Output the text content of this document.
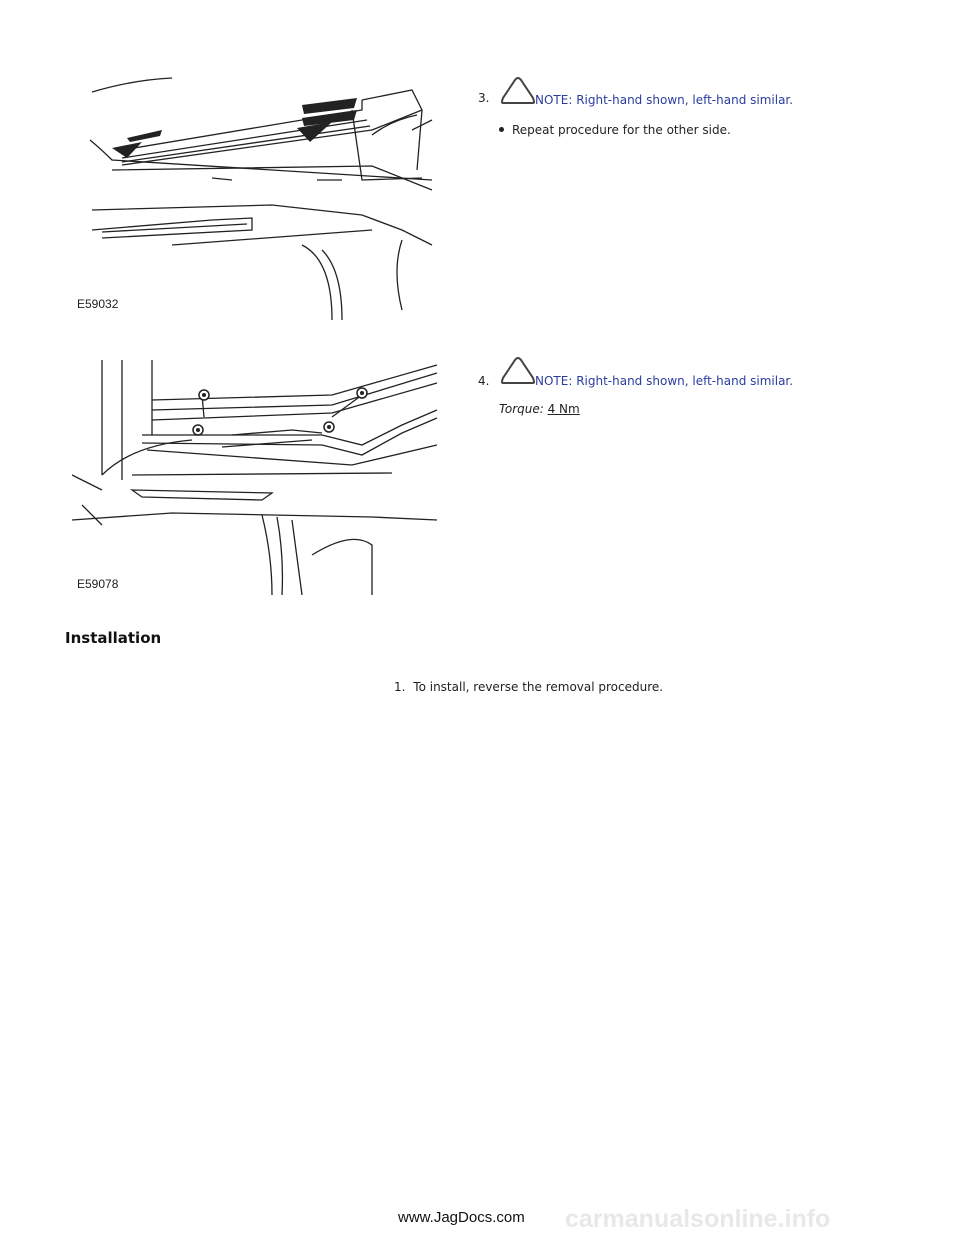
E59032
3.	NOTE: Right-hand shown, left-hand similar.
Repeat procedure for the other side.
E59078
4.	NOTE: Right-hand shown, left-hand similar.
Torque: 4 Nm
Installation
1. To install, reverse the removal procedure.
www.JagDocs.com carmanualsonline.info
